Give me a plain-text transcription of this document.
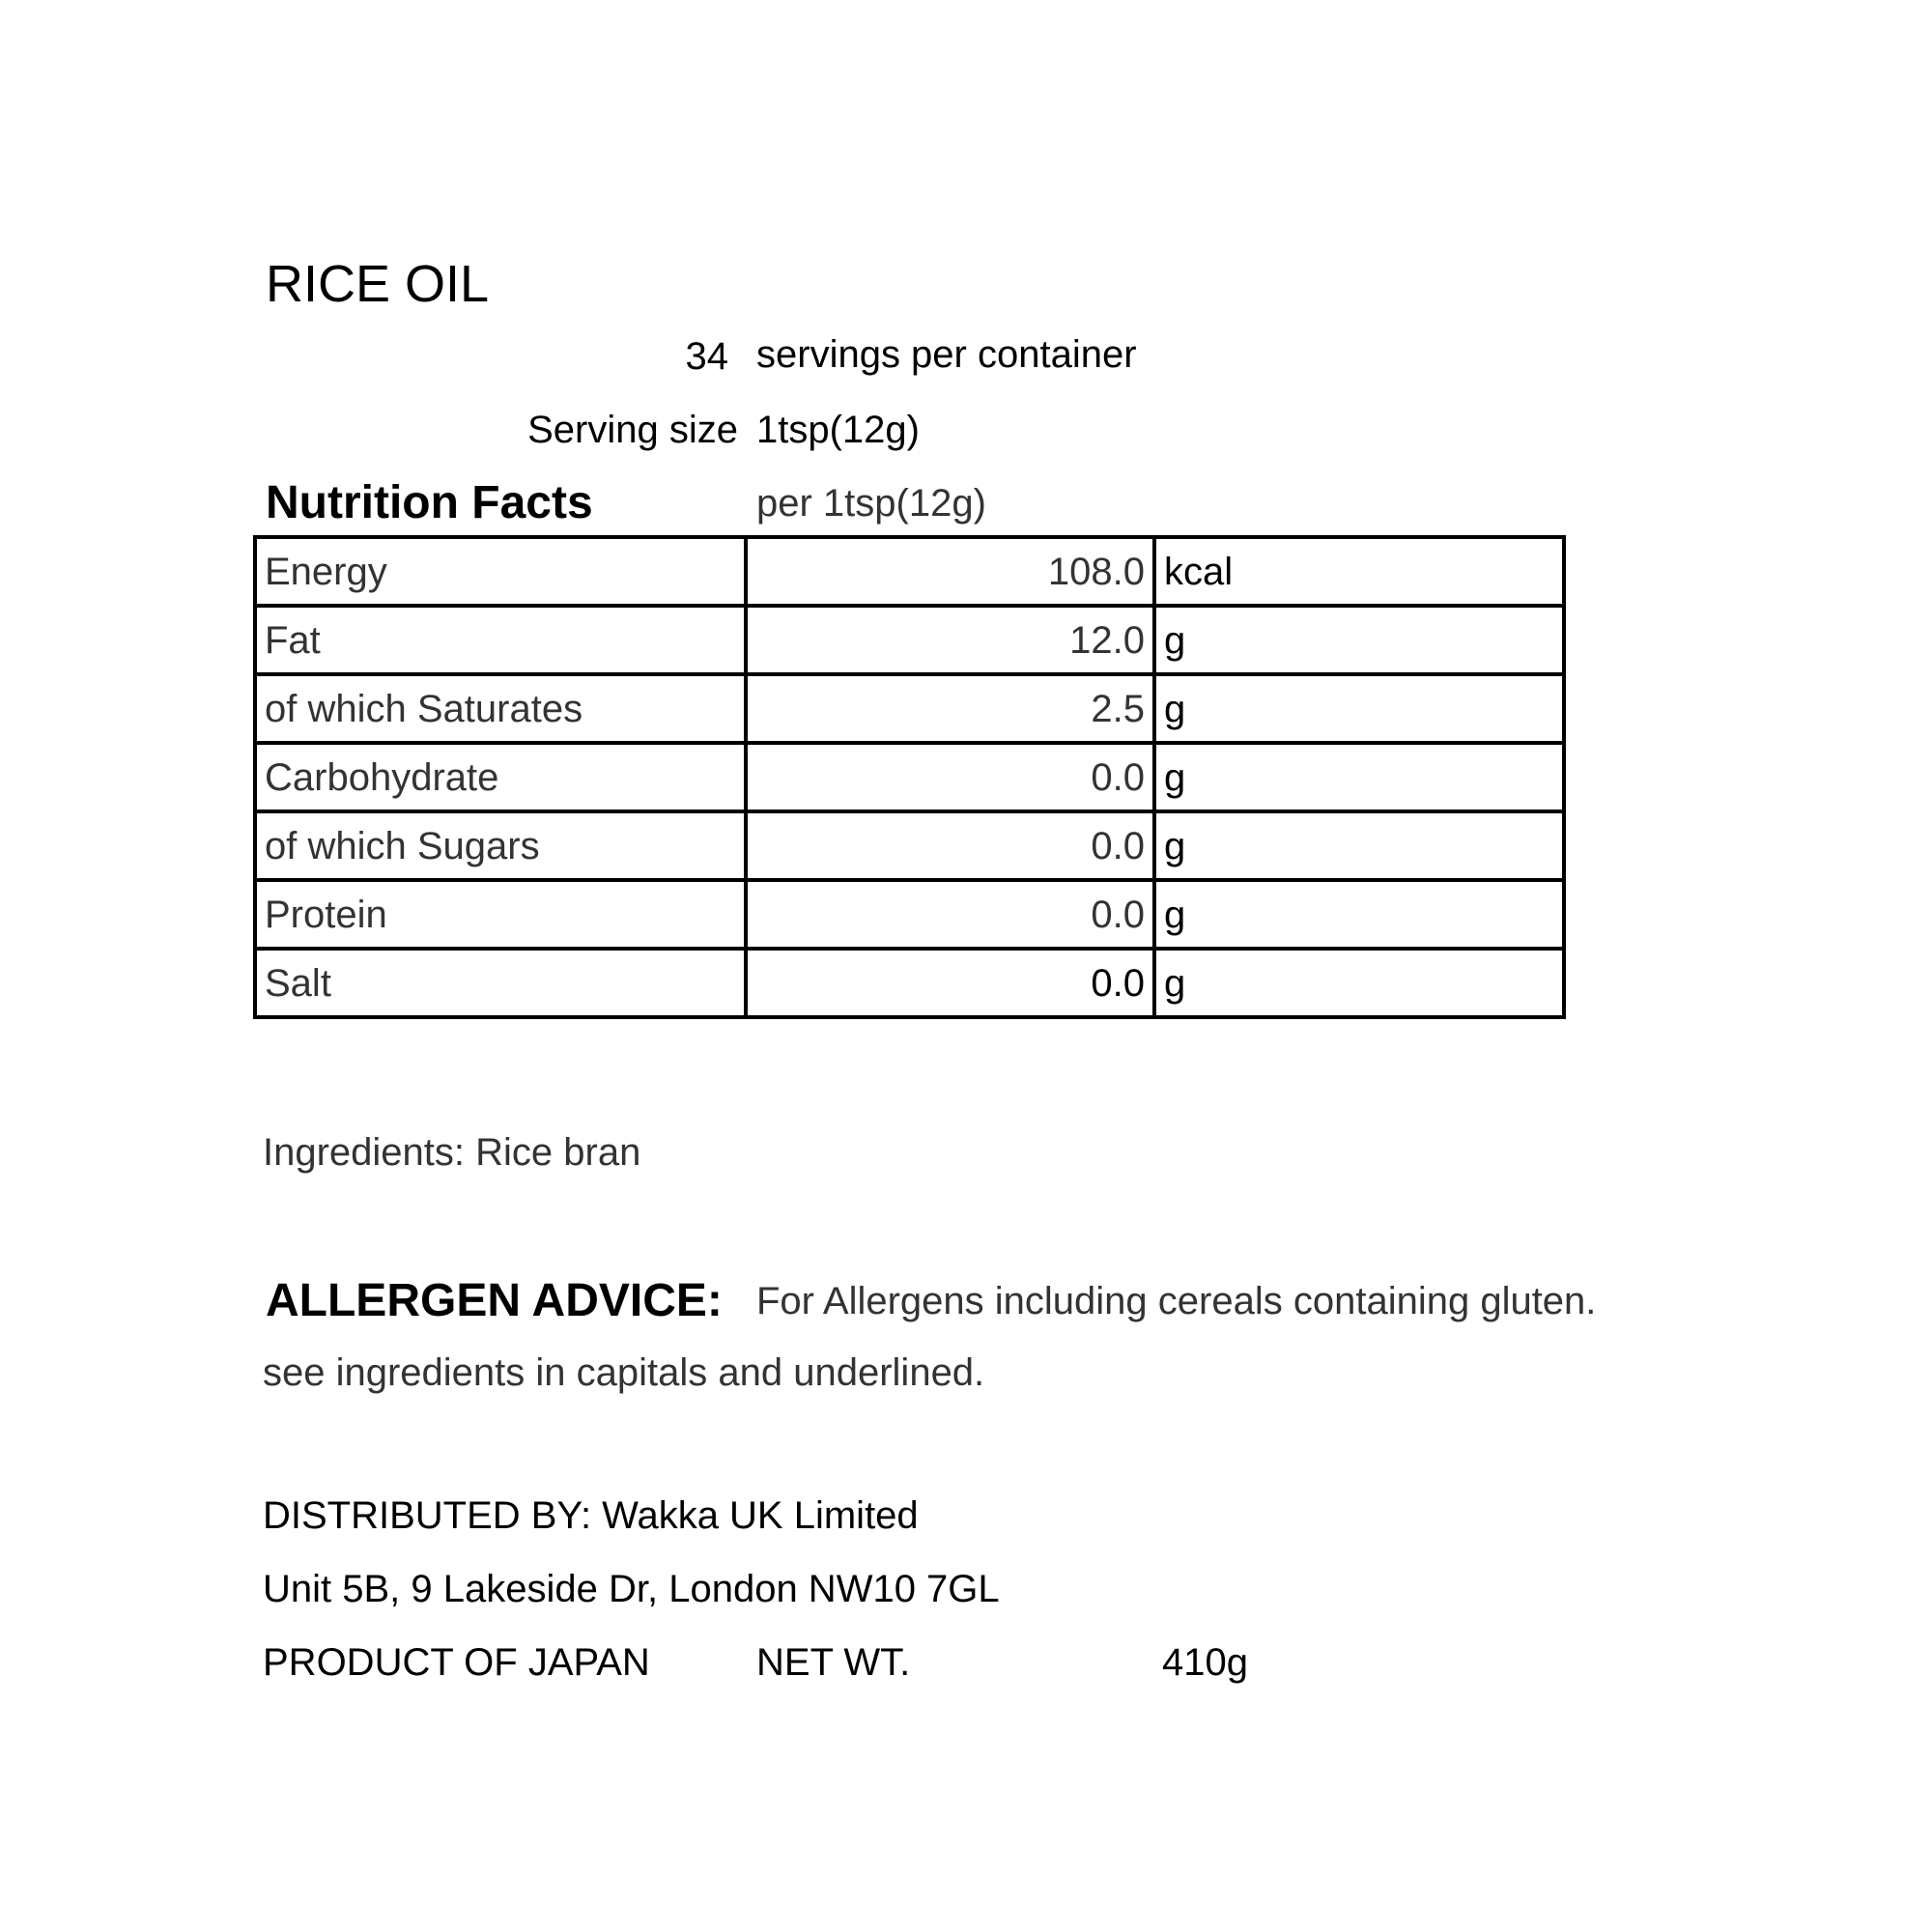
RICE OIL
34 servings per container
Serving size 1tsp(12g)
Nutrition Facts	per 1tsp(12g)
Energy	108.0	kcal
Fat	12.0	g
of which Saturates	2.5	g
Carbohydrate	0.0	g
of which Sugars	0.0	g
Protein	0.0	g
Salt	0.0	g
Ingredients: Rice bran
ALLERGEN ADVICE: For Allergens including cereals containing gluten.
see ingredients in capitals and underlined.
DISTRIBUTED BY: Wakka UK Limited
Unit 5B, 9 Lakeside Dr, London NW10 7GL
PRODUCT OF JAPAN	NET WT.	410g
